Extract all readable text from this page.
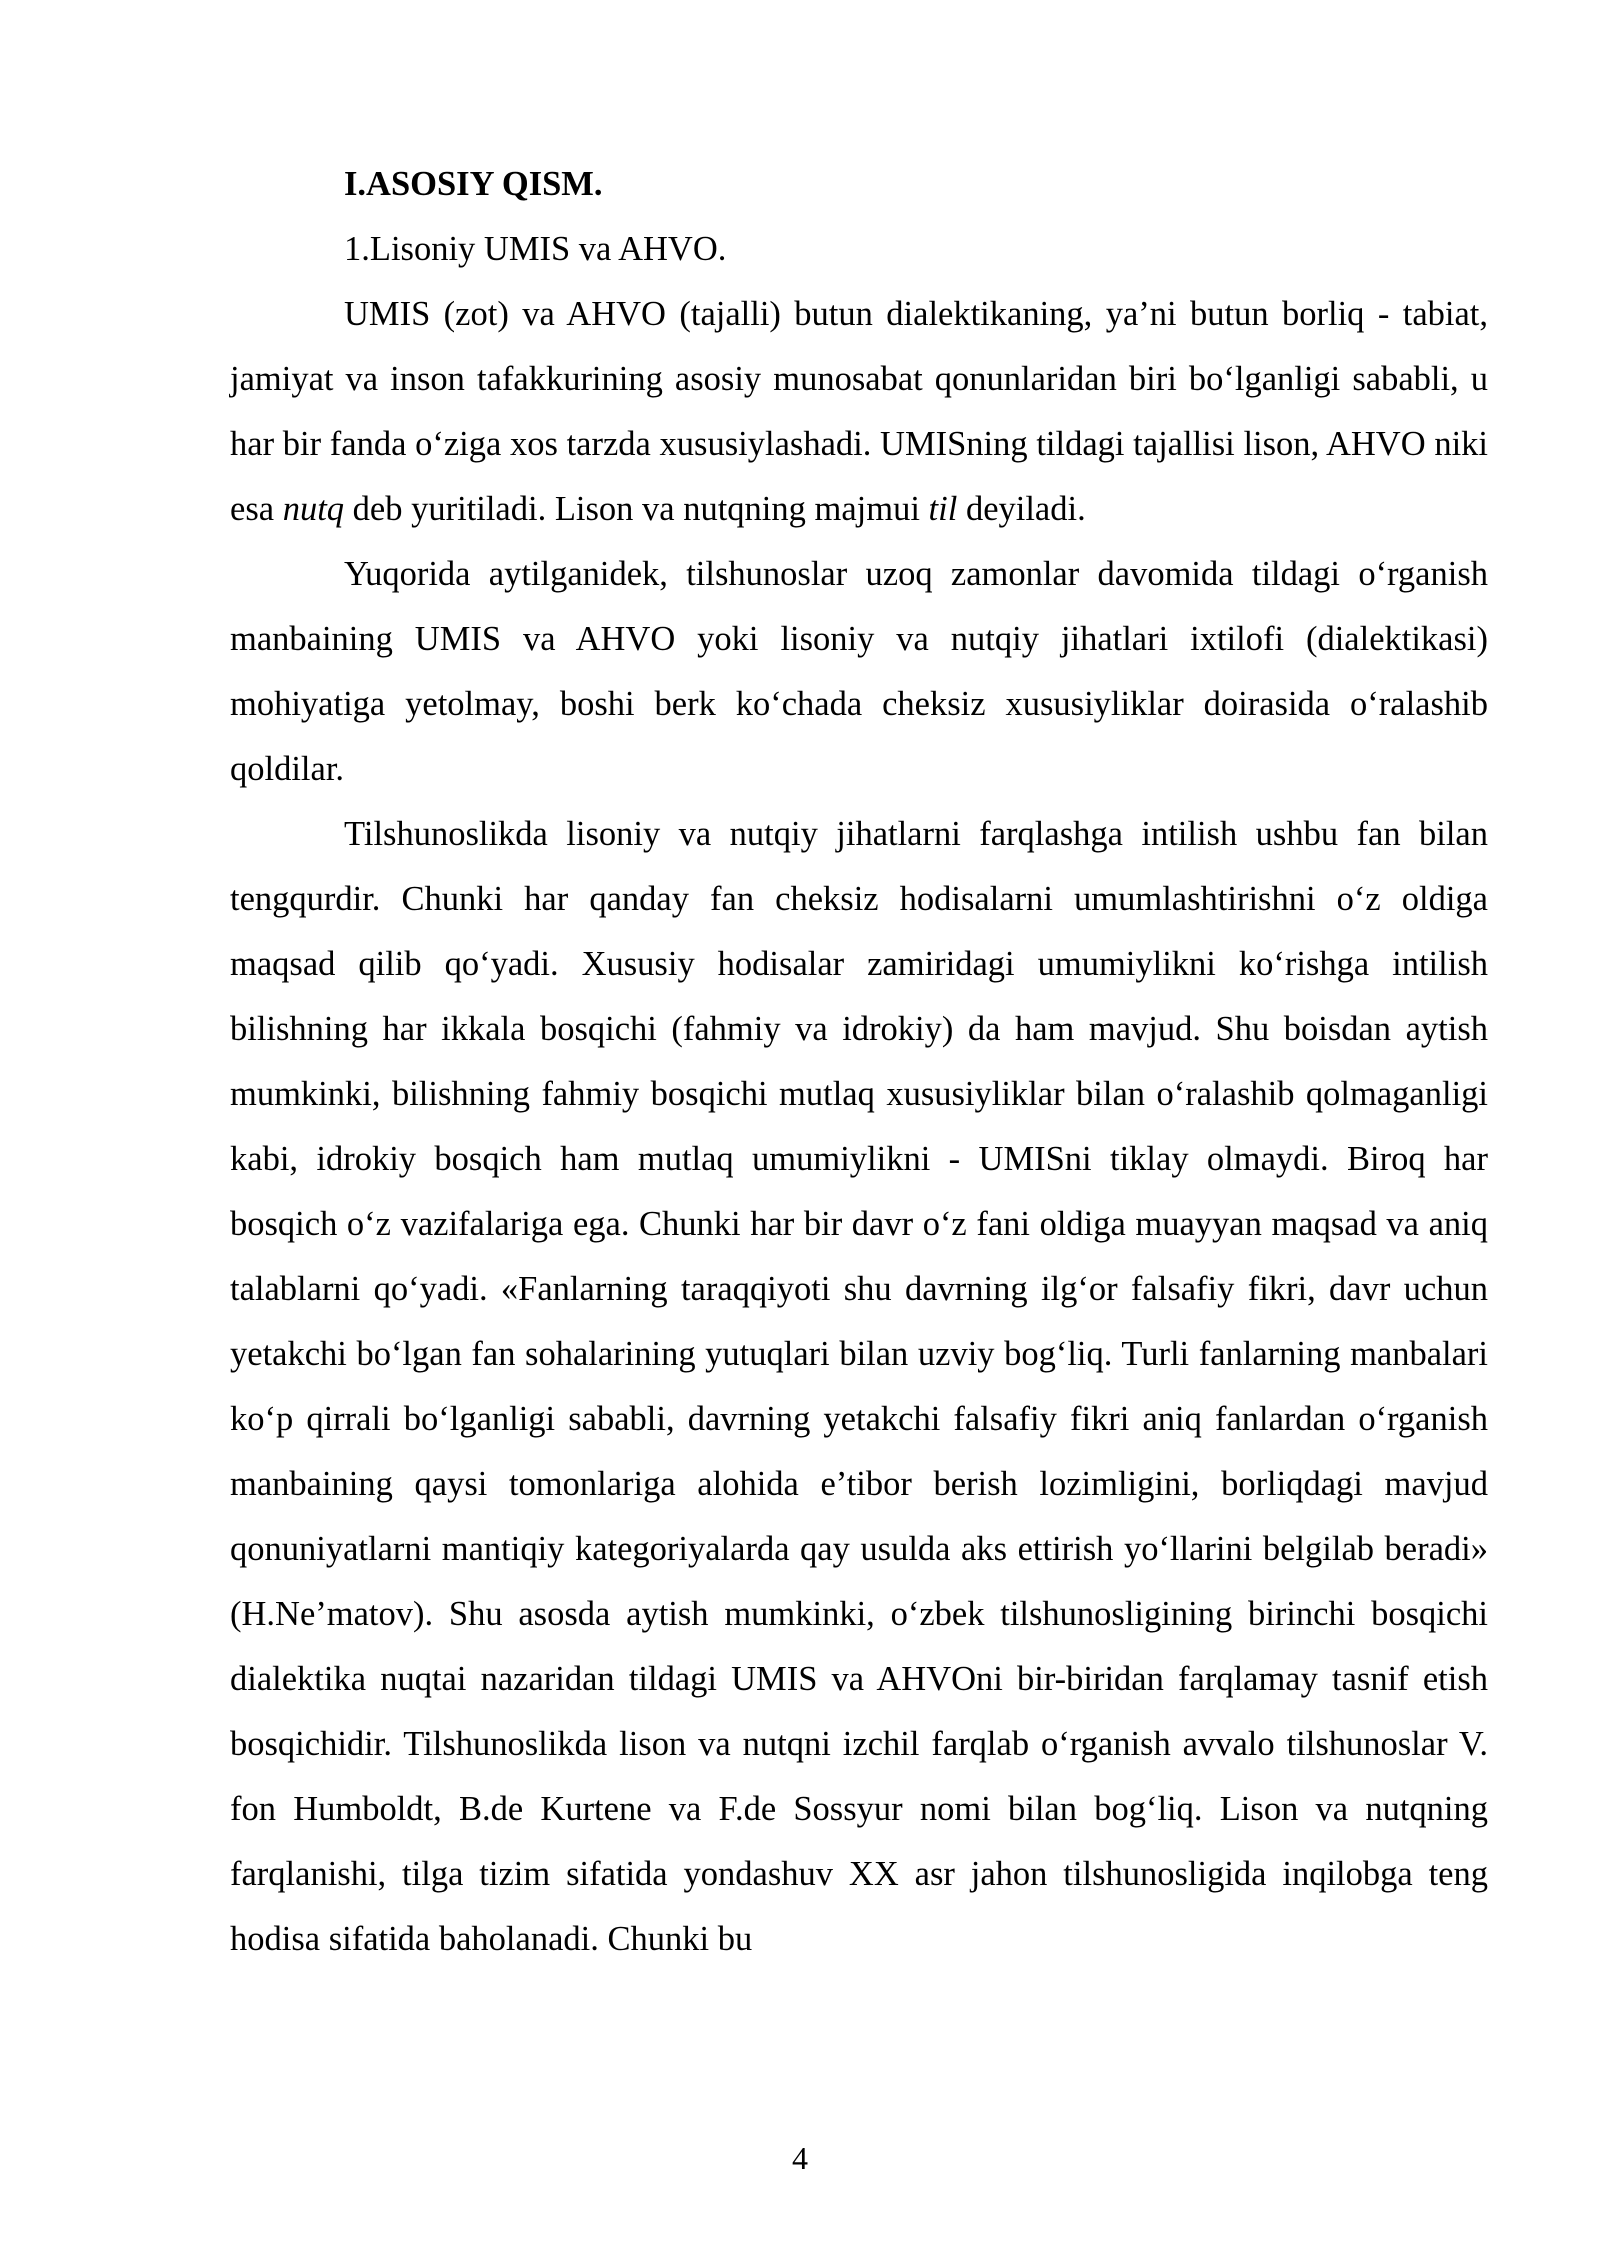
I.ASOSIY QISM.

1.Lisoniy UMIS va AHVO.

UMIS (zot) va AHVO (tajalli) butun dialektikaning, ya’ni butun borliq - tabiat, jamiyat va inson tafakkurining asosiy munosabat qonunlaridan biri bo‘lganligi sababli, u har bir fanda o‘ziga xos tarzda xususiylashadi. UMISning tildagi tajallisi lison, AHVO niki esa nutq deb yuritiladi. Lison va nutqning majmui til deyiladi.

Yuqorida aytilganidek, tilshunoslar uzoq zamonlar davomida tildagi o‘rganish manbaining UMIS va AHVO yoki lisoniy va nutqiy jihatlari ixtilofi (dialektikasi) mohiyatiga yetolmay, boshi berk ko‘chada cheksiz xususiyliklar doirasida o‘ralashib qoldilar.

Tilshunoslikda lisoniy va nutqiy jihatlarni farqlashga intilish ushbu fan bilan tengqurdir. Chunki har qanday fan cheksiz hodisalarni umumlashtirishni o‘z oldiga maqsad qilib qo‘yadi. Xususiy hodisalar zamiridagi umumiylikni ko‘rishga intilish bilishning har ikkala bosqichi (fahmiy va idrokiy) da ham mavjud. Shu boisdan aytish mumkinki, bilishning fahmiy bosqichi mutlaq xususiyliklar bilan o‘ralashib qolmaganligi kabi, idrokiy bosqich ham mutlaq umumiylikni - UMISni tiklay olmaydi. Biroq har bosqich o‘z vazifalariga ega. Chunki har bir davr o‘z fani oldiga muayyan maqsad va aniq talablarni qo‘yadi. «Fanlarning taraqqiyoti shu davrning ilg‘or falsafiy fikri, davr uchun yetakchi bo‘lgan fan sohalarining yutuqlari bilan uzviy bog‘liq. Turli fanlarning manbalari ko‘p qirrali bo‘lganligi sababli, davrning yetakchi falsafiy fikri aniq fanlardan o‘rganish manbaining qaysi tomonlariga alohida e’tibor berish lozimligini, borliqdagi mavjud qonuniyatlarni mantiqiy kategoriyalarda qay usulda aks ettirish yo‘llarini belgilab beradi» (H.Ne’matov). Shu asosda aytish mumkinki, o‘zbek tilshunosligining birinchi bosqichi dialektika nuqtai nazaridan tildagi UMIS va AHVOni bir-biridan farqlamay tasnif etish bosqichidir. Tilshunoslikda lison va nutqni izchil farqlab o‘rganish avvalo tilshunoslar V. fon Humboldt, B.de Kurtene va F.de Sossyur nomi bilan bog‘liq. Lison va nutqning farqlanishi, tilga tizim sifatida yondashuv XX asr jahon tilshunosligida inqilobga teng hodisa sifatida baholanadi. Chunki bu

4
